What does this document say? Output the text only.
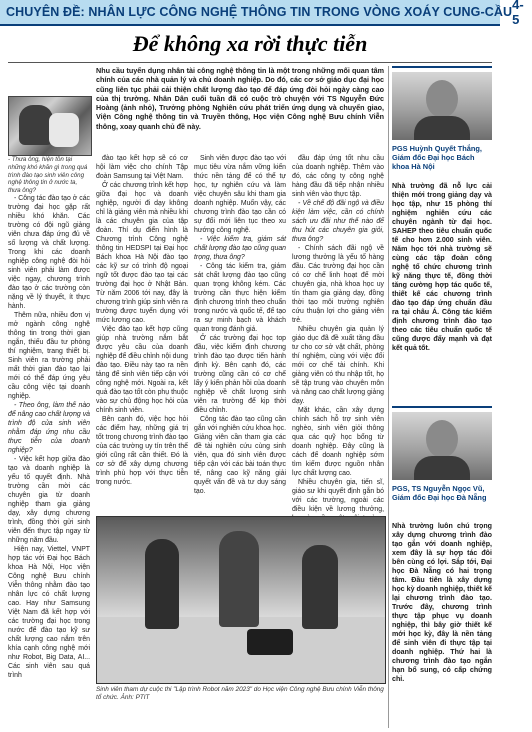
CHUYÊN ĐỀ: NHÂN LỰC CÔNG NGHỆ THÔNG TIN TRONG VÒNG XOÁY CUNG-CẦU 4-5
Để không xa rời thực tiễn
Nhu cầu tuyển dụng nhân tài công nghệ thông tin là một trong những mối quan tâm chính của các nhà quản lý và chủ doanh nghiệp. Do đó, các cơ sở giáo dục đại học cũng liên tục phải cải thiện chất lượng đào tạo để đáp ứng đòi hỏi ngày càng cao của thị trường. Nhân Dân cuối tuần đã có cuộc trò chuyện với TS Nguyễn Đức Hoàng (ảnh nhỏ), Trưởng phòng Nghiên cứu phát triển ứng dụng và chuyển giao, Viện Công nghệ thông tin và Truyền thông, Học viện Công nghệ Bưu chính Viễn thông, xoay quanh chủ đề này.
- Thưa ông, hiện tồn tại những khó khăn gì trong quá trình đào tạo sinh viên công nghệ thông tin ở nước ta, thưa ông?

- Công tác đào tạo ở các trường đại học gặp rất nhiều khó khăn. Các trường có đội ngũ giảng viên chưa đáp ứng đủ về số lượng và chất lượng. Trong khi các doanh nghiệp công nghệ đòi hỏi sinh viên phải làm được việc ngay, chương trình đào tạo ở các trường còn nặng về lý thuyết, ít thực hành.

Thêm nữa, nhiều đơn vị mở ngành công nghệ thông tin trong thời gian ngắn, thiếu đầu tư phòng thí nghiệm, trang thiết bị. Sinh viên ra trường phải mất thời gian đào tạo lại mới có thể đáp ứng yêu cầu công việc tại doanh nghiệp.

- Theo ông, làm thế nào để nâng cao chất lượng và trình độ của sinh viên nhằm đáp ứng nhu cầu thực tiễn của doanh nghiệp?

- Việc kết hợp giữa đào tạo và doanh nghiệp là yếu tố quyết định. Nhà trường cần mời các chuyên gia từ doanh nghiệp tham gia giảng dạy, xây dựng chương trình, đồng thời gửi sinh viên đến thực tập ngay từ những năm đầu.

Hiện nay, Viettel, VNPT hợp tác với Đại học Bách khoa Hà Nội, Học viện Công nghệ Bưu chính Viễn thông nhằm đào tạo nhân lực có chất lượng cao. Hay như Samsung Việt Nam đã kết hợp với các trường đại học trong nước để đào tạo kỹ sư chất lượng cao nắm trên khía cạnh công nghệ mới như Robot, Big Data, AI... Các sinh viên sau quá trình

đào tạo kết hợp sẽ có cơ hội làm việc cho chính Tập đoàn Samsung tại Việt Nam.

Ở các chương trình kết hợp giữa đại học và doanh nghiệp, người đi dạy không chỉ là giảng viên mà nhiều khi là các chuyên gia của tập đoàn. Thí dụ điển hình là Chương trình Công nghệ thông tin HEDSPI tại Đại học Bách khoa Hà Nội đào tạo các kỹ sư có trình độ ngoại ngữ tốt được đào tạo tại các trường đại học ở Nhật Bản. Từ năm 2006 tới nay, đây là chương trình giúp sinh viên ra trường được tuyển dụng với mức lương cao.

Việc đào tạo kết hợp cũng giúp nhà trường nắm bắt được yêu cầu của doanh nghiệp để điều chỉnh nội dung đào tạo. Điều này tạo ra nền tảng để sinh viên tiếp cận với công nghệ mới. Ngoài ra, kết quả đào tạo tốt còn phụ thuộc vào sự chủ động học hỏi của chính sinh viên.

Bên cạnh đó, việc học hỏi các điểm hay, những giá trị tốt trong chương trình đào tạo của các trường uy tín trên thế giới cũng rất cần thiết. Đó là cơ sở để xây dựng chương trình phù hợp với thực tiễn trong nước.

Sinh viên được đào tạo với mục tiêu vừa nắm vững kiến thức nền tảng để có thể tự học, tự nghiên cứu và làm việc chuyên sâu khi tham gia doanh nghiệp. Muốn vậy, các chương trình đào tạo cần có sự đổi mới liên tục theo xu hướng công nghệ.

- Việc kiểm tra, giám sát chất lượng đào tạo cũng quan trọng, thưa ông?

- Công tác kiểm tra, giám sát chất lượng đào tạo cũng quan trọng không kém. Các trường cần thực hiện kiểm định chương trình theo chuẩn trong nước và quốc tế, để tạo ra sự minh bạch và khách quan trong đánh giá.

Ở các trường đại học top đầu, việc kiểm định chương trình đào tạo được tiến hành định kỳ. Bên cạnh đó, các trường cũng cần có cơ chế lấy ý kiến phản hồi của doanh nghiệp về chất lượng sinh viên ra trường để kịp thời điều chỉnh.

Công tác đào tạo cũng cần gắn với nghiên cứu khoa học. Giảng viên cần tham gia các đề tài nghiên cứu cùng sinh viên, qua đó sinh viên được tiếp cận với các bài toán thực tế, nâng cao kỹ năng giải quyết vấn đề và tư duy sáng tạo.

đầu đáp ứng tốt nhu cầu của doanh nghiệp. Thêm vào đó, các công ty công nghệ hàng đầu đã tiếp nhận nhiều sinh viên vào thực tập.

- Về chế độ đãi ngộ và điều kiện làm việc, cần có chính sách ưu đãi như thế nào để thu hút các chuyên gia giỏi, thưa ông?

- Chính sách đãi ngộ về lương thưởng là yếu tố hàng đầu. Các trường đại học cần có cơ chế linh hoạt để mời chuyên gia, nhà khoa học uy tín tham gia giảng dạy, đồng thời tạo môi trường nghiên cứu thuận lợi cho giảng viên trẻ.

Nhiều chuyên gia quản lý giáo dục đã đề xuất tăng đầu tư cho cơ sở vật chất, phòng thí nghiệm, cùng với việc đổi mới cơ chế tài chính. Khi giảng viên có thu nhập tốt, họ sẽ tập trung vào chuyên môn và nâng cao chất lượng giảng dạy.

Mặt khác, cần xây dựng chính sách hỗ trợ sinh viên nghèo, sinh viên giỏi thông qua các quỹ học bổng từ doanh nghiệp. Đây cũng là cách để doanh nghiệp sớm tìm kiếm được nguồn nhân lực chất lượng cao.

Nhiều chuyên gia, tiến sĩ, giáo sư khi quyết định gắn bó với các trường, ngoài các điều kiện về lương thưởng,

Sinh viên tham dự cuộc thi "Lập trình Robot năm 2023" do Học viện Công nghệ Bưu chính Viễn thông tổ chức. Ảnh: PTIT
PGS Huỳnh Quyết Thắng, Giám đốc Đại học Bách khoa Hà Nội
Nhà trường đã nỗ lực cải thiện mới trong giảng dạy và học tập, như 15 phòng thí nghiệm nghiên cứu các chuyên ngành từ đại học. SAHEP theo tiêu chuẩn quốc tế cho hơn 2.000 sinh viên. Năm học tới nhà trường sẽ cùng các tập đoàn công nghệ tổ chức chương trình kỹ năng thực tế, đồng thời tăng cường hợp tác quốc tế, thiết kế các chương trình đào tạo đáp ứng chuẩn đầu ra tại châu Á. Công tác kiểm định chương trình đào tạo theo các tiêu chuẩn quốc tế cũng được đẩy mạnh và đạt kết quả tốt.
PGS, TS Nguyễn Ngọc Vũ, Giám đốc Đại học Đà Nẵng
Nhà trường luôn chú trọng xây dựng chương trình đào tạo gắn với doanh nghiệp, xem đây là sự hợp tác đôi bên cùng có lợi. Sắp tới, Đại học Đà Nẵng có hai trọng tâm. Đầu tiên là xây dựng học kỳ doanh nghiệp, thiết kế lại chương trình đào tạo. Trước đây, chương trình thực tập phục vụ doanh nghiệp, thì bây giờ thiết kế mới học kỳ, đây là nền tảng để sinh viên đi thực tập tại doanh nghiệp. Thứ hai là chương trình đào tạo ngắn hạn bổ sung, có cấp chứng chỉ.
